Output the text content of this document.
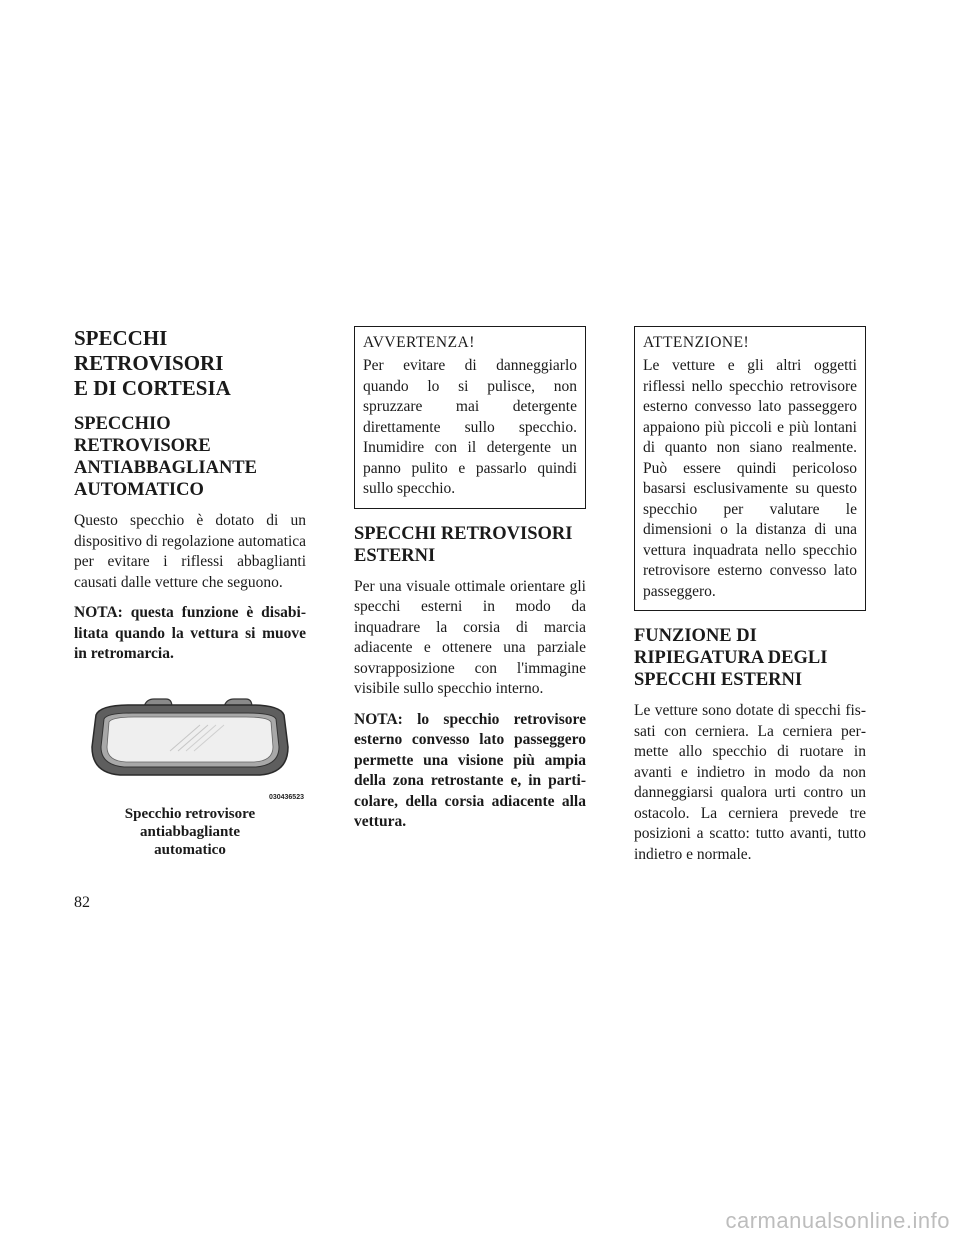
SPECCHI RETROVISORI
E DI CORTESIA
SPECCHIO RETROVISORE
ANTIABBAGLIANTE
AUTOMATICO

Questo specchio è dotato di un dispositivo di regolazione automatica per evitare i riflessi abbaglianti causati dalle vetture che seguono.

NOTA: questa funzione è disabilitata quando la vettura si muove in retromarcia.

030436523
Specchio retrovisore antiabbagliante
automatico
AVVERTENZA!

Per evitare di danneggiarlo quando lo si pulisce, non spruzzare mai detergente direttamente sullo specchio. Inumidire con il detergente un panno pulito e passarlo quindi sullo specchio.

SPECCHI RETROVISORI
ESTERNI

Per una visuale ottimale orientare gli specchi esterni in modo da inquadrare la corsia di marcia adiacente e ottenere una parziale sovrapposizione con l'immagine visibile sullo specchio interno.

NOTA: lo specchio retrovisore esterno convesso lato passeggero permette una visione più ampia della zona retrostante e, in particolare, della corsia adiacente alla vettura.

ATTENZIONE!

Le vetture e gli altri oggetti riflessi nello specchio retrovisore esterno convesso lato passeggero appaiono più piccoli e più lontani di quanto non siano realmente. Può essere quindi pericoloso basarsi esclusivamente su questo specchio per valutare le dimensioni o la distanza di una vettura inquadrata nello specchio retrovisore esterno convesso lato passeggero.

FUNZIONE DI
RIPIEGATURA DEGLI
SPECCHI ESTERNI

Le vetture sono dotate di specchi fissati con cerniera. La cerniera permette allo specchio di ruotare in avanti e indietro in modo da non danneggiarsi qualora urti contro un ostacolo. La cerniera prevede tre posizioni a scatto: tutto avanti, tutto indietro e normale.

82
carmanualsonline.info
